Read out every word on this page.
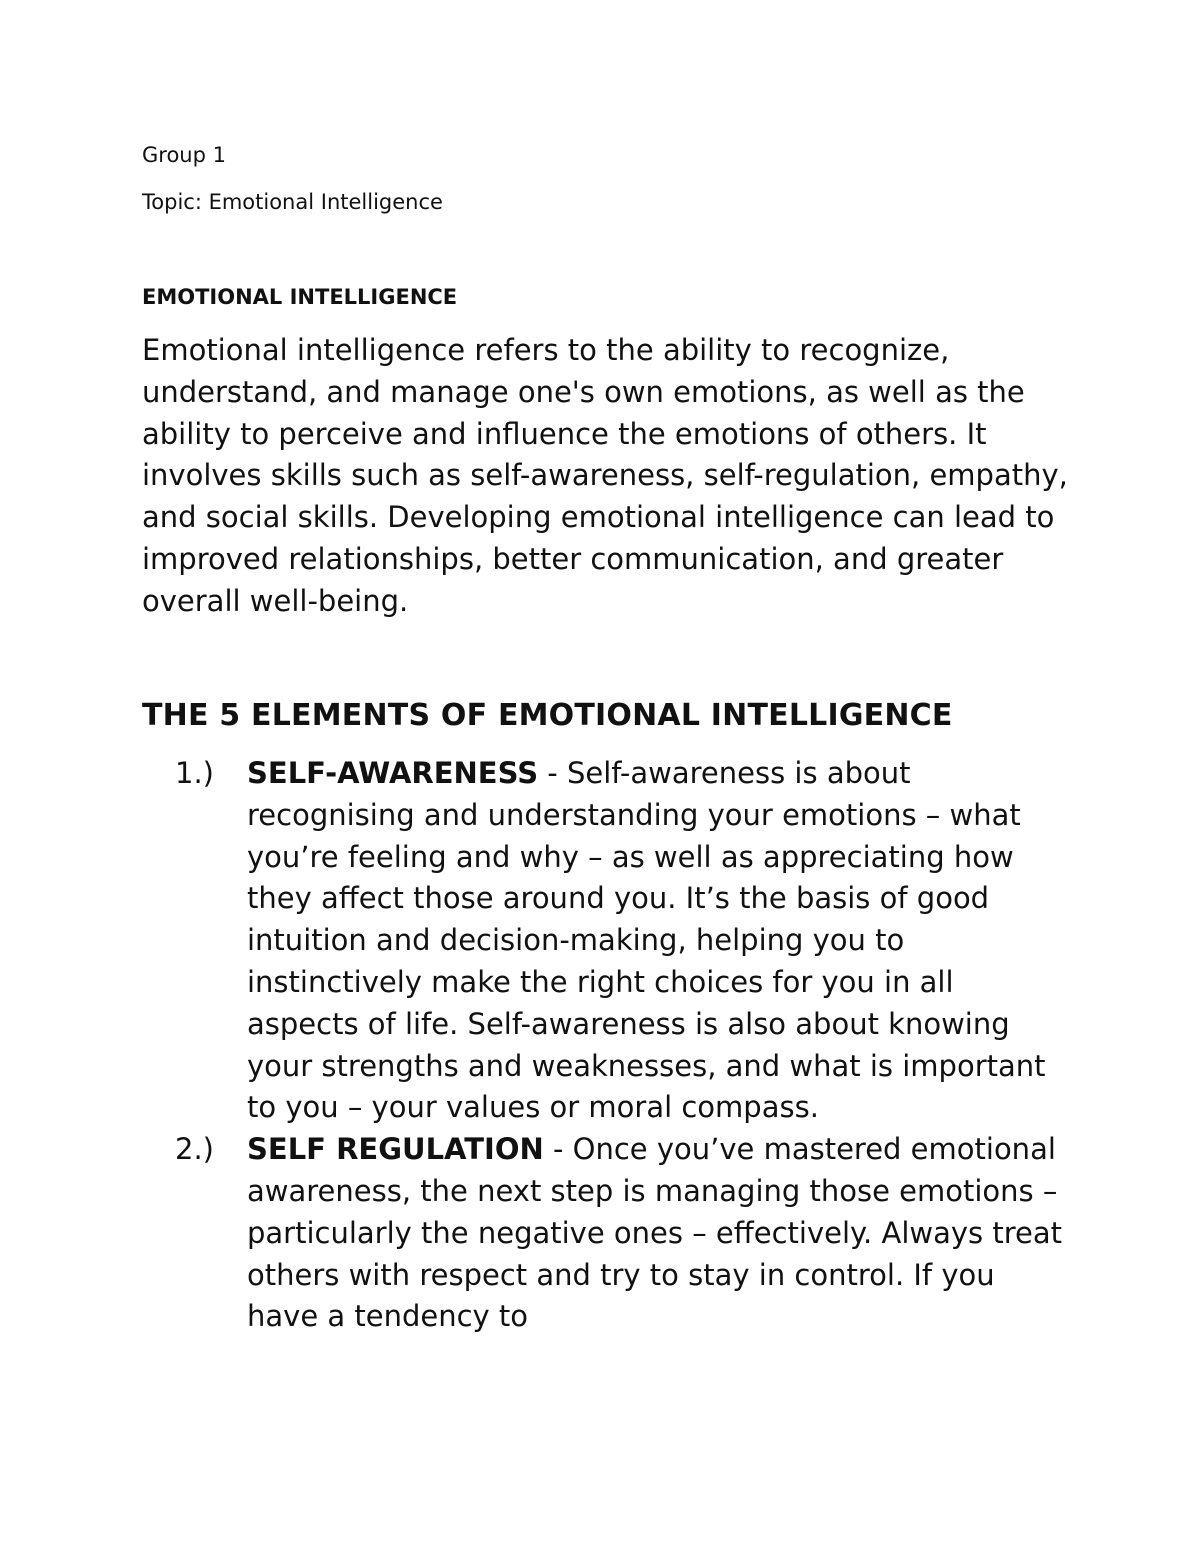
Group 1

Topic: Emotional Intelligence

EMOTIONAL INTELLIGENCE

Emotional intelligence refers to the ability to recognize, understand, and manage one's own emotions, as well as the ability to perceive and influence the emotions of others. It involves skills such as self-awareness, self-regulation, empathy, and social skills. Developing emotional intelligence can lead to improved relationships, better communication, and greater overall well-being.

THE 5 ELEMENTS OF EMOTIONAL INTELLIGENCE
1.) SELF-AWARENESS - Self-awareness is about recognising and understanding your emotions – what you’re feeling and why – as well as appreciating how they affect those around you. It’s the basis of good intuition and decision-making, helping you to instinctively make the right choices for you in all aspects of life. Self-awareness is also about knowing your strengths and weaknesses, and what is important to you – your values or moral compass.
2.) SELF REGULATION - Once you’ve mastered emotional awareness, the next step is managing those emotions – particularly the negative ones – effectively. Always treat others with respect and try to stay in control. If you have a tendency to
